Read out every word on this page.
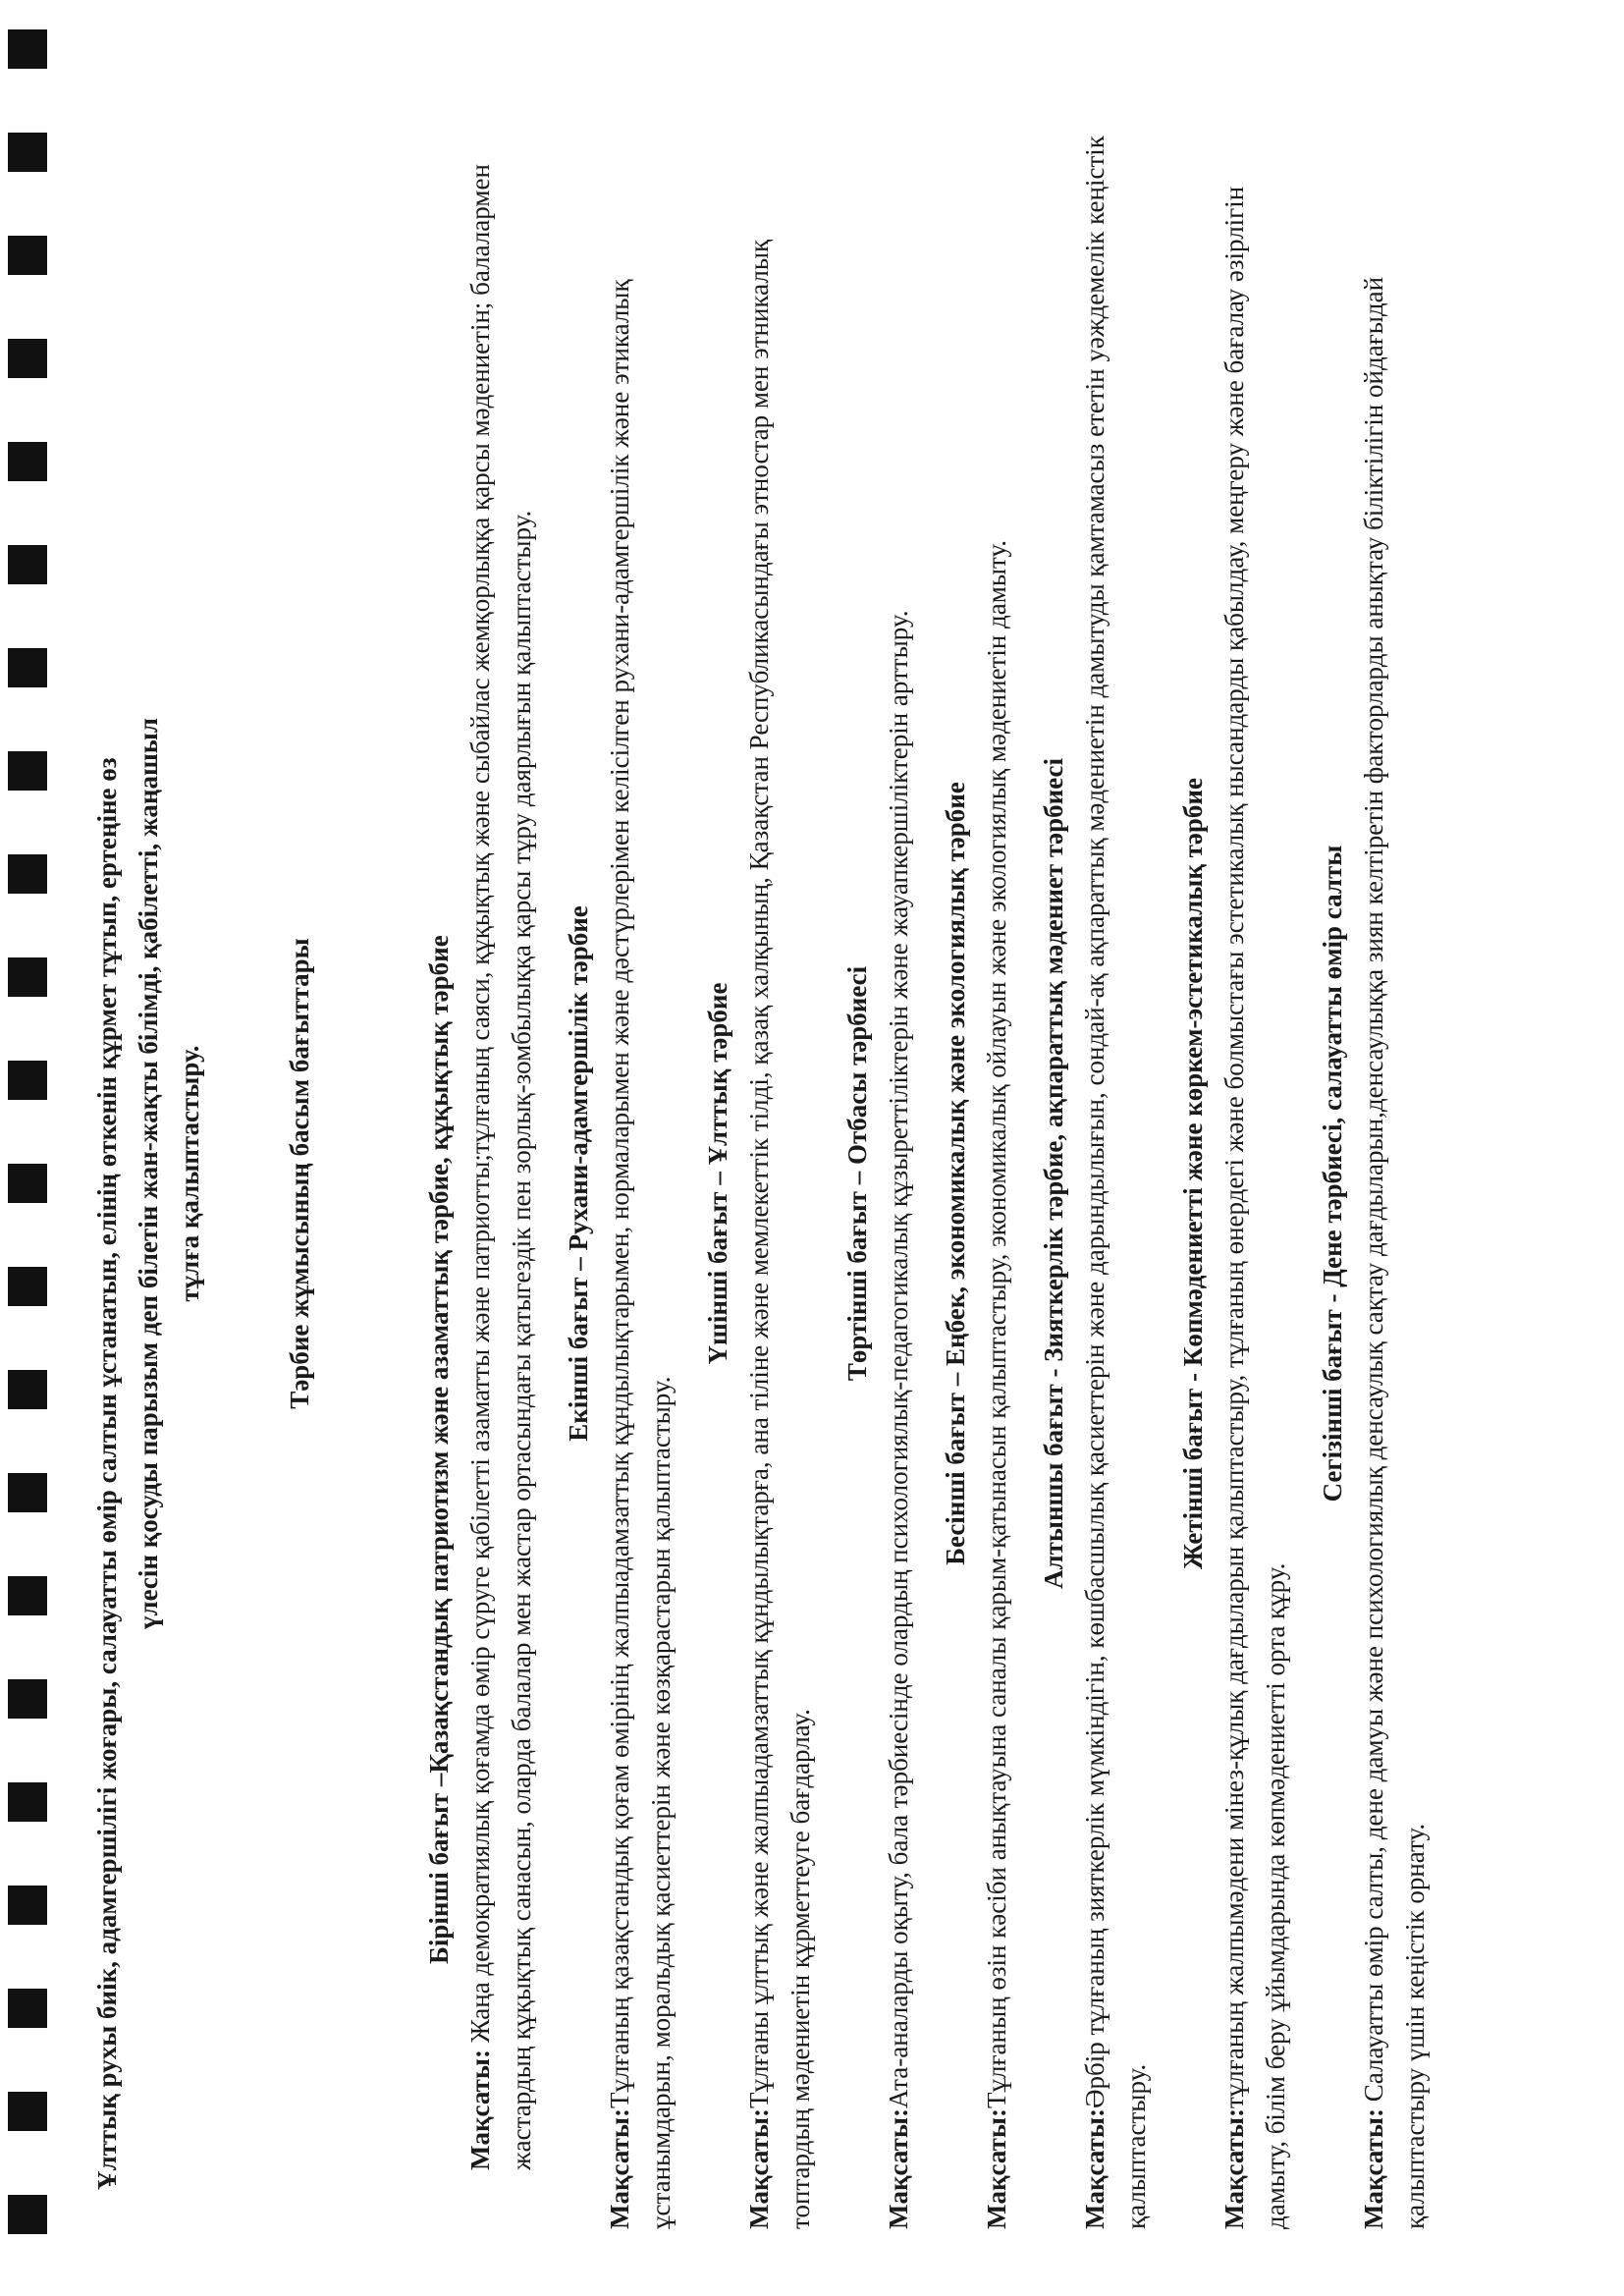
Ұлттық рухы биік, адамгершілігі жоғары, салауатты өмір салтын ұстанатын, елінің өткенін құрмет тұтып, ертеңіне өз үлесін қосуды парызым деп білетін жан-жақты білімді, қабілетті, жаңашыл тұлға қалыптастыру.	Тәрбие жұмысының басым бағыттары	Бірінші бағыт –Қазақстандық патриотизм және азаматтық тәрбие, құқықтық тәрбие
Мақсаты: Жаңа демократиялық қоғамда өмір сүруге қабілетті азаматты және патриотты;тұлғаның саяси, құқықтық және сыбайлас жемқорлыққа қарсы мәдениетін; балалармен жастардың құқықтық санасын, оларда балалар мен жастар ортасындағы қатыгездік пен зорлық-зомбылыққа қарсы тұру даярлығын қалыптастыру. Екінші бағыт – Рухани-адамгершілік тәрбие
Мақсаты:Тұлғаның қазақстандық қоғам өмірінің жалпыадамзаттық құндылықтарымен, нормаларымен және дәстүрлерімен келісілген рухани-адамгершілік және этикалық ұстанымдарын, моральдық қасиеттерін және көзқарастарын қалыптастыру.
Үшінші бағыт – Ұлттық тәрбие
Мақсаты:Тұлғаны ұлттық және жалпыадамзаттық құндылықтарға, ана тіліне және мемлекеттік тілді, қазақ халқының, Қазақстан Республикасындағы этностар мен этникалық топтардың мәдениетін құрметтеуге бағдарлау.
Төртінші бағыт – Отбасы тәрбиесі
Мақсаты:Ата-аналарды оқыту, бала тәрбиесінде олардың психологиялық-педагогикалық құзыреттіліктерін және жауапкершіліктерін арттыру. Бесінші бағыт – Еңбек, экономикалық және экологиялық тәрбие
Мақсаты:Тұлғаның өзін кәсіби анықтауына саналы қарым-қатынасын қалыптастыру, экономикалық ойлауын және экологиялық мәдениетін дамыту. Алтыншы бағыт - Зияткерлік тәрбие, ақпараттық мәдениет тәрбиесі
Мақсаты:Әрбір тұлғаның зияткерлік мүмкіндігін, көшбасшылық қасиеттерін және дарындылығын, сондай-ақ ақпараттық мәдениетін дамытуды қамтамасыз ететін уәждемелік кеңістік қалыптастыру.
Жетінші бағыт - Көпмәдениетті және көркем-эстетикалық тәрбие
Мақсаты:тұлғаның жалпымәдени мінез-құлық дағдыларын қалыптастыру, тұлғаның өнердегі және болмыстағы эстетикалық нысандарды қабылдау, меңгеру және бағалау әзірлігін дамыту, білім беру ұйымдарында көпмәдениетті орта құру.
Сегізінші бағыт - Дене тәрбиесі, салауатты өмір салты
Мақсаты: Салауатты өмір салты, дене дамуы және психологиялық денсаулық сақтау дағдыларын,денсаулыққа зиян келтіретін факторларды анықтау біліктілігін ойдағыдай қалыптастыру үшін кеңістік орнату.
